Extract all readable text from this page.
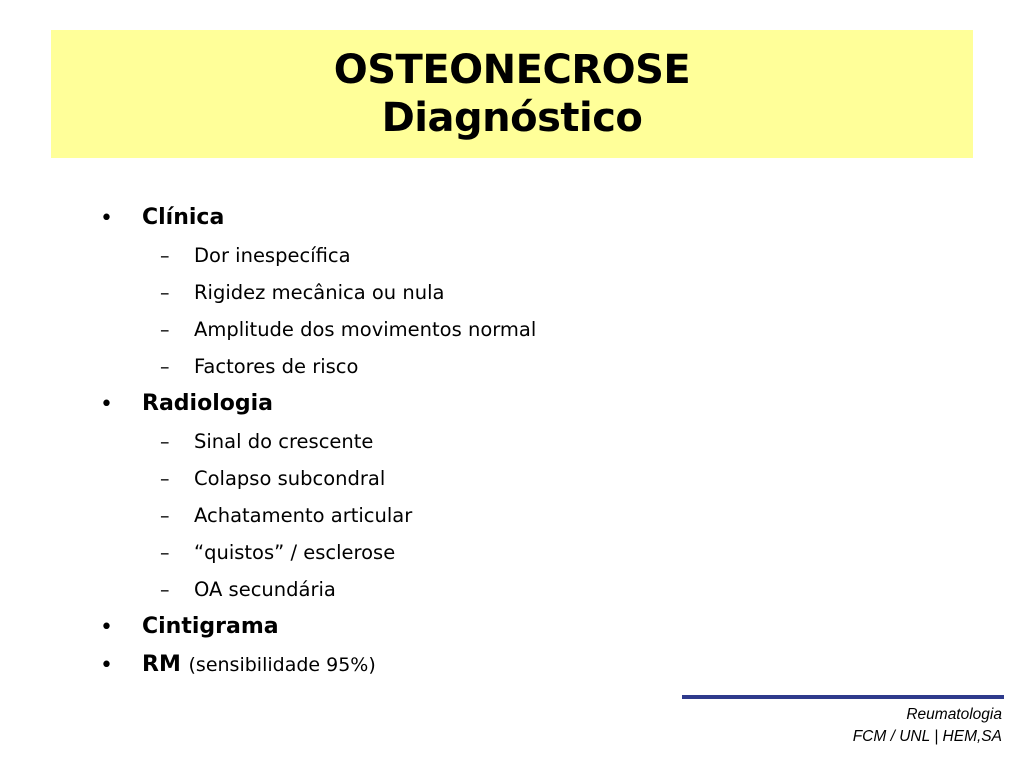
OSTEONECROSE
Diagnóstico
• Clínica
– Dor inespecífica
– Rigidez mecânica ou nula
– Amplitude dos movimentos normal
– Factores de risco
• Radiologia
– Sinal do crescente
– Colapso subcondral
– Achatamento articular
– “quistos” / esclerose
– OA secundária
• Cintigrama
• RM (sensibilidade 95%)
Reumatologia
FCM / UNL | HEM,SA
